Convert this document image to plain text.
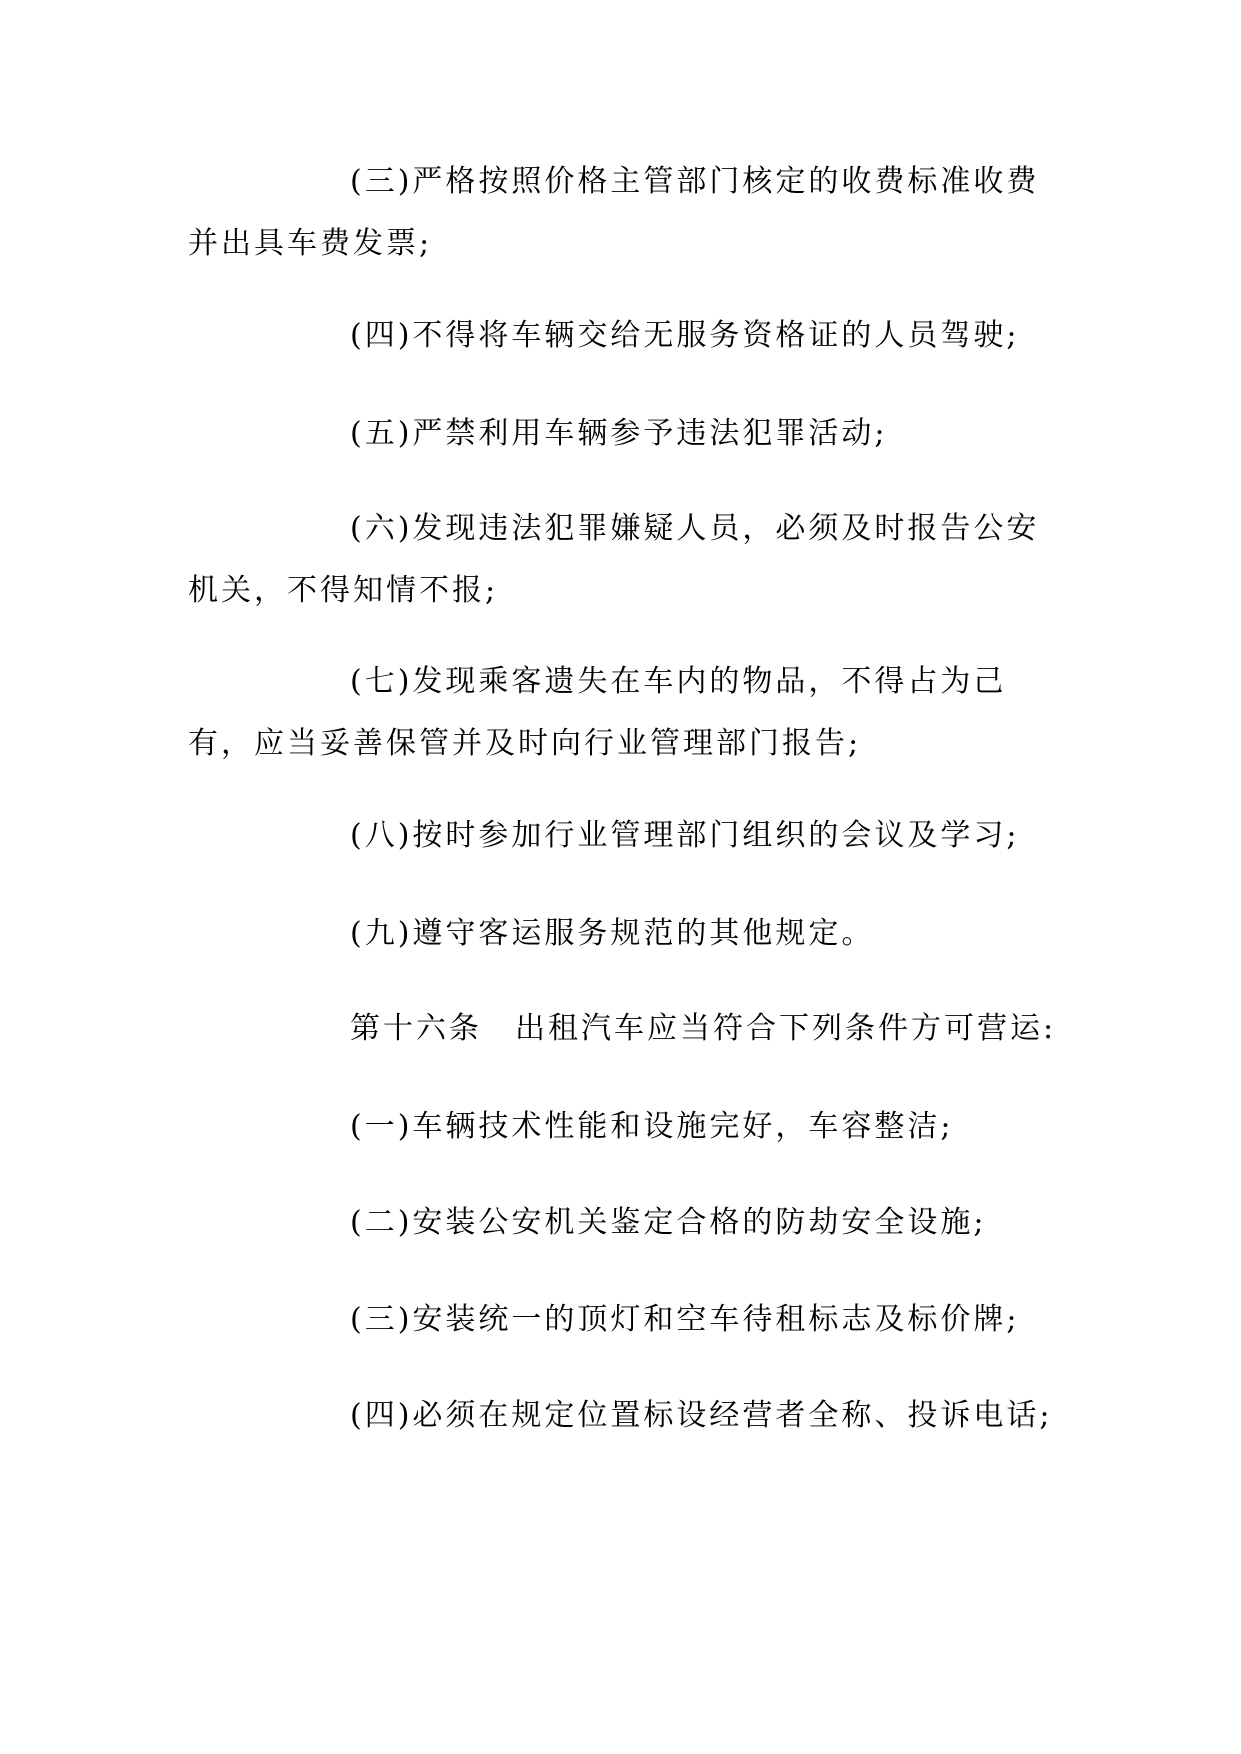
(三)严格按照价格主管部门核定的收费标准收费并出具车费发票;

(四)不得将车辆交给无服务资格证的人员驾驶;

(五)严禁利用车辆参予违法犯罪活动;

(六)发现违法犯罪嫌疑人员，必须及时报告公安机关，不得知情不报;

(七)发现乘客遗失在车内的物品，不得占为己有，应当妥善保管并及时向行业管理部门报告;

(八)按时参加行业管理部门组织的会议及学习;

(九)遵守客运服务规范的其他规定。

第十六条　出租汽车应当符合下列条件方可营运:

(一)车辆技术性能和设施完好，车容整洁;

(二)安装公安机关鉴定合格的防劫安全设施;

(三)安装统一的顶灯和空车待租标志及标价牌;

(四)必须在规定位置标设经营者全称、投诉电话;
